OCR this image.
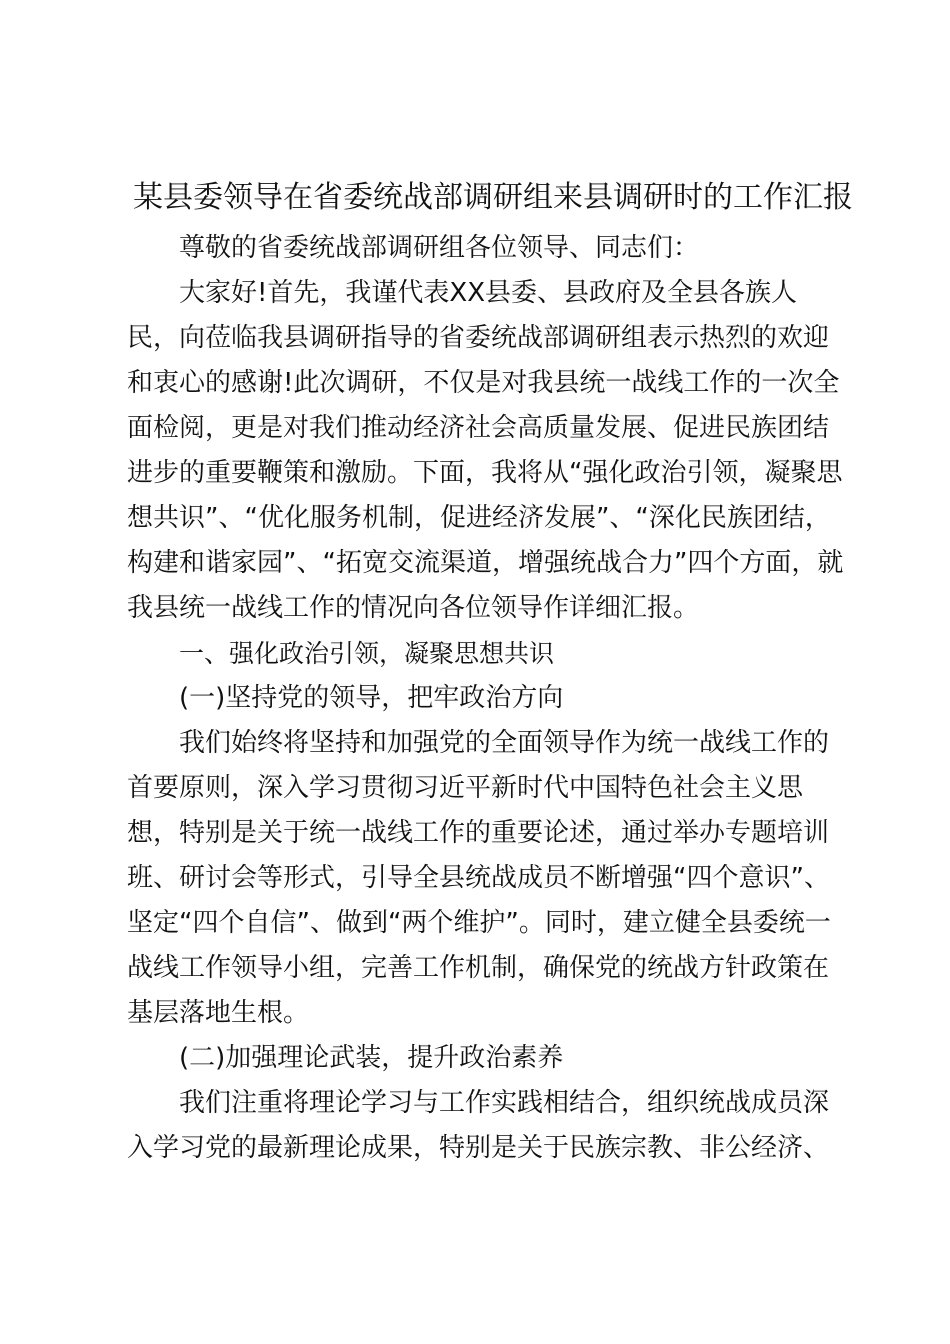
某县委领导在省委统战部调研组来县调研时的工作汇报
尊敬的省委统战部调研组各位领导、同志们：
大家好!首先，我谨代表XX县委、县政府及全县各族人
民，向莅临我县调研指导的省委统战部调研组表示热烈的欢迎
和衷心的感谢!此次调研，不仅是对我县统一战线工作的一次全
面检阅，更是对我们推动经济社会高质量发展、促进民族团结
进步的重要鞭策和激励。下面，我将从“强化政治引领，凝聚思
想共识”、“优化服务机制，促进经济发展”、“深化民族团结，
构建和谐家园”、“拓宽交流渠道，增强统战合力”四个方面，就
我县统一战线工作的情况向各位领导作详细汇报。
一、强化政治引领，凝聚思想共识
(一)坚持党的领导，把牢政治方向
我们始终将坚持和加强党的全面领导作为统一战线工作的
首要原则，深入学习贯彻习近平新时代中国特色社会主义思
想，特别是关于统一战线工作的重要论述，通过举办专题培训
班、研讨会等形式，引导全县统战成员不断增强“四个意识”、
坚定“四个自信”、做到“两个维护”。同时，建立健全县委统一
战线工作领导小组，完善工作机制，确保党的统战方针政策在
基层落地生根。
(二)加强理论武装，提升政治素养
我们注重将理论学习与工作实践相结合，组织统战成员深
入学习党的最新理论成果，特别是关于民族宗教、非公经济、
